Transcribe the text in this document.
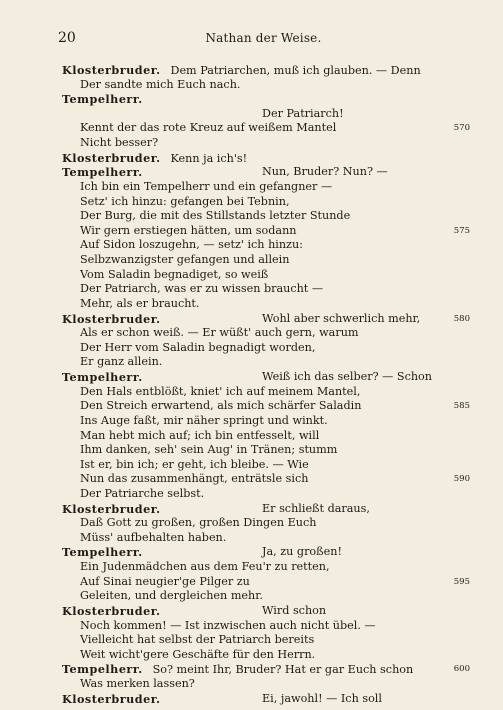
20	Nathan der Weise.
Klosterbruder. Dem Patriarchen, muß ich glauben. — Denn
Der sandte mich Euch nach.
Tempelherr.
Der Patriarch!
Kennt der das rote Kreuz auf weißem Mantel
Nicht besser?
Klosterbruder. Kenn ja ich's!
Tempelherr.	Nun, Bruder? Nun? —
Ich bin ein Tempelherr und ein gefangner —
Setz' ich hinzu: gefangen bei Tebnin,
Der Burg, die mit des Stillstands letzter Stunde
Wir gern erstiegen hätten, um sodann
Auf Sidon loszugehn, — setz' ich hinzu:
Selbzwanzigster gefangen und allein
Vom Saladin begnadiget, so weiß
Der Patriarch, was er zu wissen braucht —
Mehr, als er braucht.
Klosterbruder.	Wohl aber schwerlich mehr,
Als er schon weiß. — Er wüßt' auch gern, warum
Der Herr vom Saladin begnadigt worden,
Er ganz allein.
Tempelherr.	Weiß ich das selber? — Schon
Den Hals entblößt, kniet' ich auf meinem Mantel,
Den Streich erwartend, als mich schärfer Saladin
Ins Auge faßt, mir näher springt und winkt.
Man hebt mich auf; ich bin entfesselt, will
Ihm danken, seh' sein Aug' in Tränen; stumm
Ist er, bin ich; er geht, ich bleibe. — Wie
Nun das zusammenhängt, enträtsle sich
Der Patriarche selbst.
Klosterbruder.	Er schließt daraus,
Daß Gott zu großen, großen Dingen Euch
Müss' aufbehalten haben.
Tempelherr.	Ja, zu großen!
Ein Judenmädchen aus dem Feu'r zu retten,
Auf Sinai neugier'ge Pilger zu
Geleiten, und dergleichen mehr.
Klosterbruder.	Wird schon
Noch kommen! — Ist inzwischen auch nicht übel. —
Vielleicht hat selbst der Patriarch bereits
Weit wicht'gere Geschäfte für den Herrn.
Tempelherr. So? meint Ihr, Bruder? Hat er gar Euch schon
Was merken lassen?
Klosterbruder.	Ei, jawohl! — Ich soll
570
575
580
585
590
595
600
